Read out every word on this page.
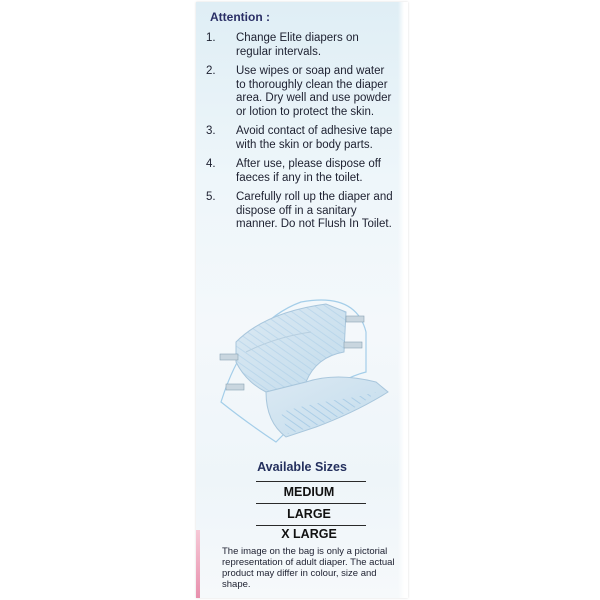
Attention :
1.	Change Elite diapers on regular intervals.
2.	Use wipes or soap and water to thoroughly clean the diaper area. Dry well and use powder or lotion to protect the skin.
3.	Avoid contact of adhesive tape with the skin or body parts.
4.	After use, please dispose off faeces if any in the toilet.
5.	Carefully roll up the diaper and dispose off in a sanitary manner. Do not Flush In Toilet.
Available Sizes
MEDIUM
LARGE
X LARGE
The image on the bag is only a pictorial representation of adult diaper. The actual product may differ in colour, size and shape.
